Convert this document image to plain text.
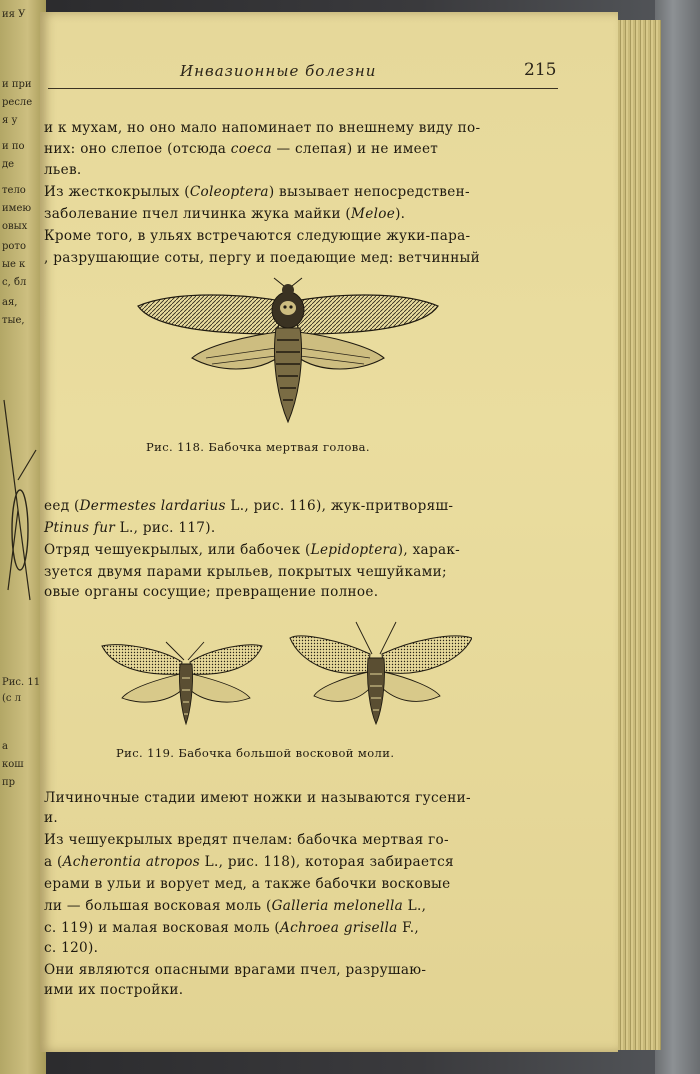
ия У
и при
ресле
я у
и по
де
тело
имею
овых
рото
ые к
с, бл
ая,
тые,
Рис. 11
(с л
а
кош
пр
Инвазионные болезни	215
и к мухам, но оно мало напоминает по внешнему виду по-
них: оно слепое (отсюда coeca — слепая) и не имеет
льев.
Из жесткокрылых (Coleoptera) вызывает непосредствен-
заболевание пчел личинка жука майки (Meloe).
Кроме того, в ульях встречаются следующие жуки-пара-
, разрушающие соты, пергу и поедающие мед: ветчинный
Рис. 118. Бабочка мертвая голова.
еед (Dermestes lardarius L., рис. 116), жук-притворяш-
Ptinus fur L., рис. 117).
Отряд чешуекрылых, или бабочек (Lepidoptera), харак-
зуется двумя парами крыльев, покрытых чешуйками;
овые органы сосущие; превращение полное.
Рис. 119. Бабочка большой восковой моли.
Личиночные стадии имеют ножки и называются гусени-
и.
Из чешуекрылых вредят пчелам: бабочка мертвая го-
а (Acherontia atropos L., рис. 118), которая забирается
ерами в ульи и ворует мед, а также бабочки восковые
ли — большая восковая моль (Galleria melonella L.,
с. 119) и малая восковая моль (Achroea grisella F.,
с. 120).
Они являются опасными врагами пчел, разрушаю-
ими их постройки.
